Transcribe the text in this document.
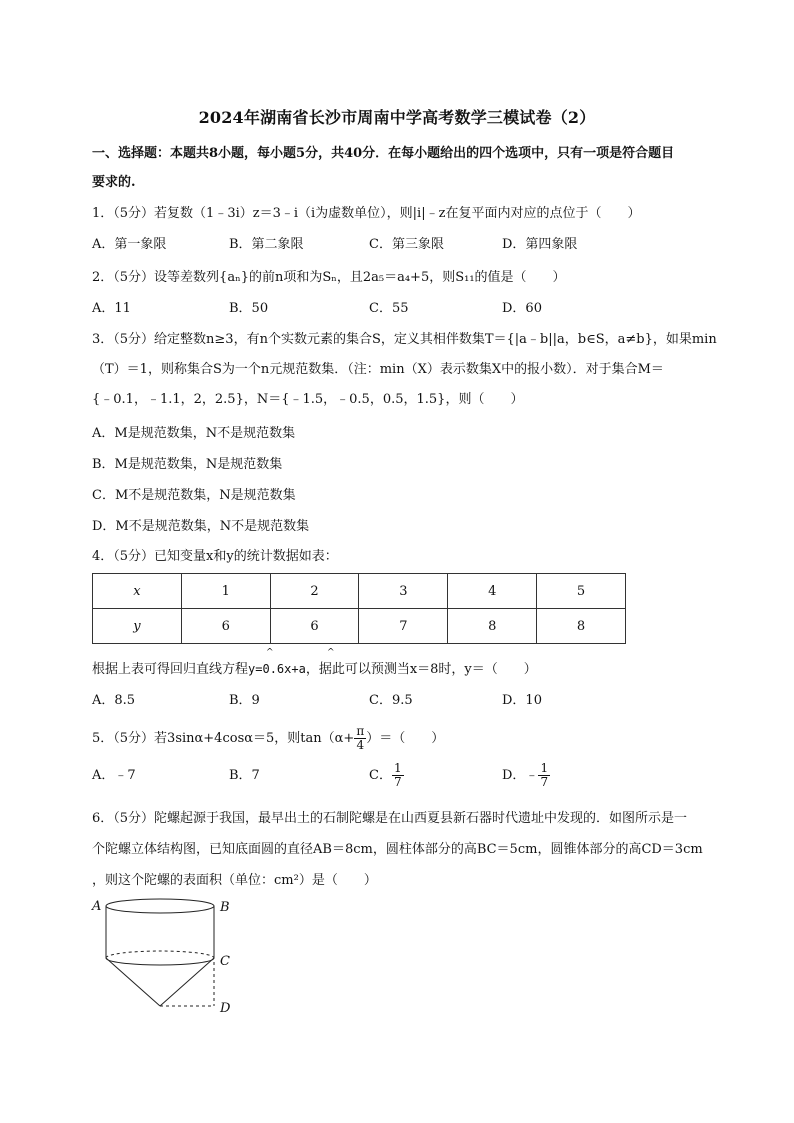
2024年湖南省长沙市周南中学高考数学三模试卷（2）
一、选择题：本题共8小题，每小题5分，共40分．在每小题给出的四个选项中，只有一项是符合题目
要求的.
1．（5分）若复数（1﹣3i）z＝3﹣i（i为虚数单位），则|i|﹣z在复平面内对应的点位于（　　）
A．第一象限	B．第二象限	C．第三象限	D．第四象限
2．（5分）设等差数列{aₙ}的前n项和为Sₙ，且2a₅＝a₄+5，则S₁₁的值是（　　）
A．11	B．50	C．55	D．60
3．（5分）给定整数n≥3，有n个实数元素的集合S，定义其相伴数集T＝{|a﹣b||a，b∈S，a≠b}，如果min
（T）＝1，则称集合S为一个n元规范数集．（注：min（X）表示数集X中的报小数）．对于集合M＝
{﹣0.1，﹣1.1，2，2.5}，N＝{﹣1.5，﹣0.5，0.5，1.5}，则（　　）
A．M是规范数集，N不是规范数集
B．M是规范数集，N是规范数集
C．M不是规范数集，N是规范数集
D．M不是规范数集，N不是规范数集
4．（5分）已知变量x和y的统计数据如表：
x	1	2	3	4	5
y	6	6	7	8	8
根据上表可得回归直线方程y=0.6x+a，据此可以预测当x＝8时，y＝（　　）
^	^
A．8.5	B．9	C．9.5	D．10
5．（5分）若3sinα+4cosα＝5，则$\tan(\alpha+ \frac{\pi}{4}$ ）＝（　　）
A．﹣7	B．7	C． $\frac{1}{7}$	D．﹣ $\frac{1}{7}$
6．（5分）陀螺起源于我国，最早出土的石制陀螺是在山西夏县新石器时代遗址中发现的．如图所示是一
个陀螺立体结构图，已知底面圆的直径AB＝8cm，圆柱体部分的高BC＝5cm，圆锥体部分的高CD＝3cm
，则这个陀螺的表面积（单位：cm²）是（　　）
A	B
C
D
